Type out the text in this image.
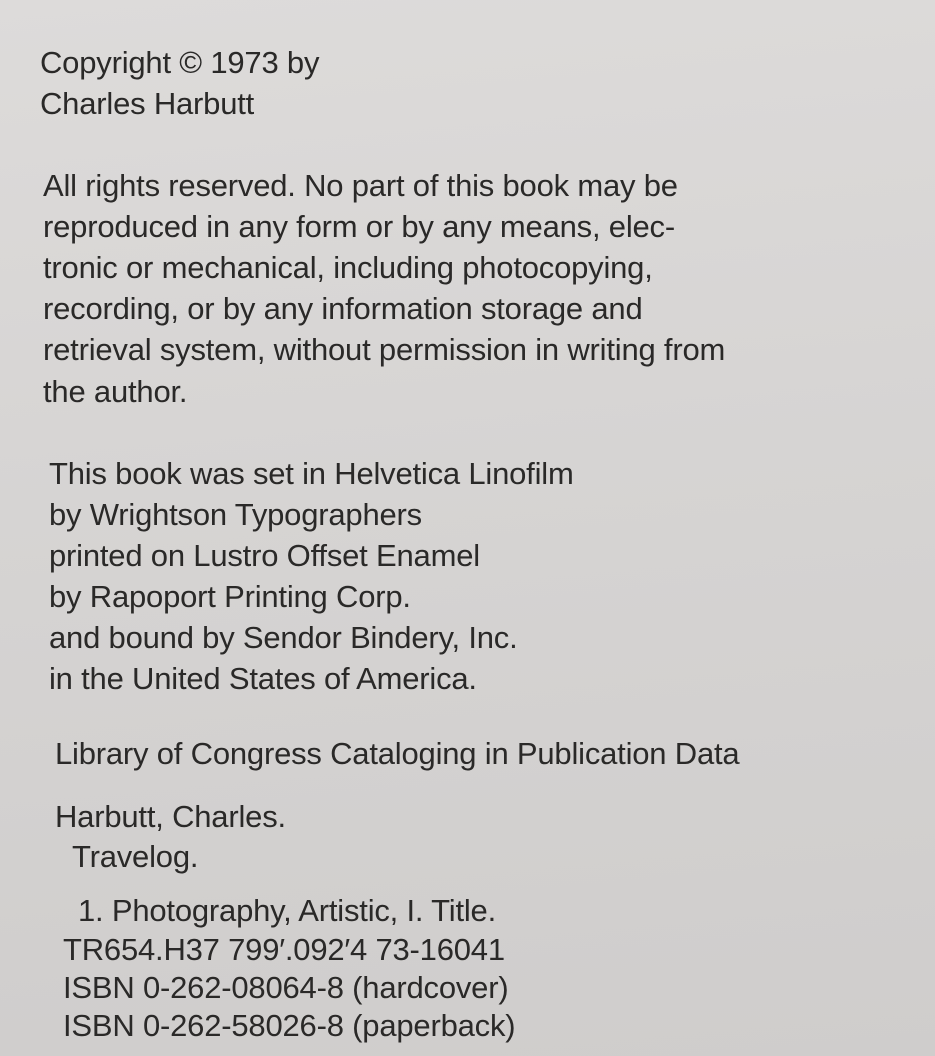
Copyright © 1973 by
Charles Harbutt
All rights reserved. No part of this book may be
reproduced in any form or by any means, elec-
tronic or mechanical, including photocopying,
recording, or by any information storage and
retrieval system, without permission in writing from
the author.
This book was set in Helvetica Linofilm
by Wrightson Typographers
printed on Lustro Offset Enamel
by Rapoport Printing Corp.
and bound by Sendor Bindery, Inc.
in the United States of America.
Library of Congress Cataloging in Publication Data
Harbutt, Charles.
Travelog.
1. Photography, Artistic, I. Title.
TR654.H37 799′.092′4 73-16041
ISBN 0-262-08064-8 (hardcover)
ISBN 0-262-58026-8 (paperback)
